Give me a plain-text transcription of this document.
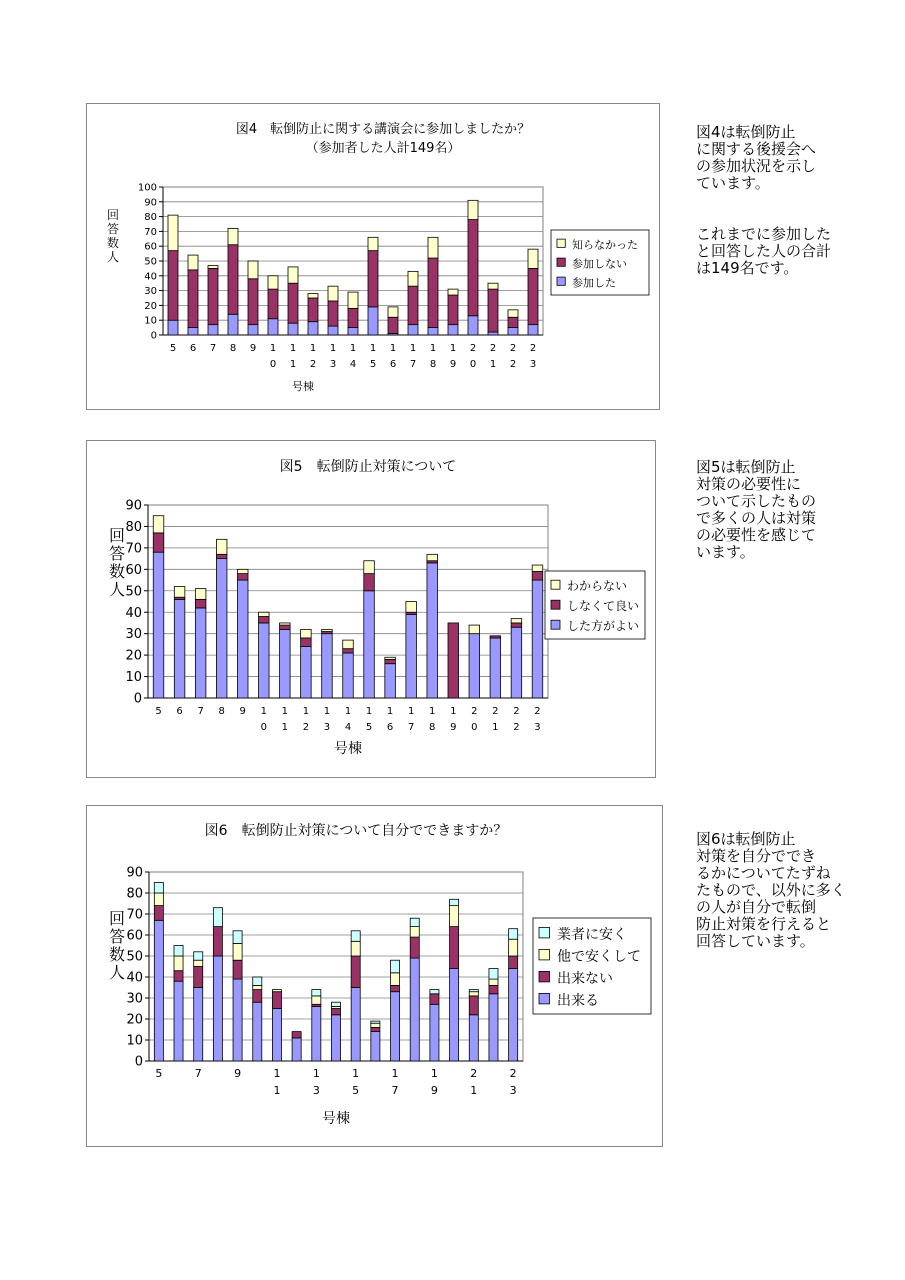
図4　転倒防止に関する講演会に参加しましたか？
（参加者した人計149名）
0
10
20
30
40
50
60
70
80
90
100
5 6 7 8 9 1 0
1 1
1 2
1 3
1 4
1 5
1 6
1 7
1 8
1 9
2 0
2 1
2 2
2 3
号棟
回答数人
知らなかった
参加しない
参加した

図4は転倒防止
に関する後援会へ
の参加状況を示し
ています。

これまでに参加した
と回答した人の合計
は149名です。

図5　転倒防止対策について
0
10
20
30
40
50
60
70
80
90
5 6 7 8 9 1 0
1 1
1 2
1 3
1 4
1 5
1 6
1 7
1 8
1 9
2 0
2 1
2 2
2 3
号棟
回答数人	わからない
しなくて良い
した方がよい

図5は転倒防止
対策の必要性に
ついて示したもの
で多くの人は対策
の必要性を感じて
います。

図6　転倒防止対策について自分でできますか？
0
10
20
30
40
50
60
70
80
90
5	7	9	1 1
1 3
1 5
1 7
1 9
2 1
2 3
号棟
回答数人
業者に安く
他で安くして
出来ない
出来る

図6は転倒防止
対策を自分ででき
るかについてたずね
たもので、以外に多く
の人が自分で転倒
防止対策を行えると
回答しています。
